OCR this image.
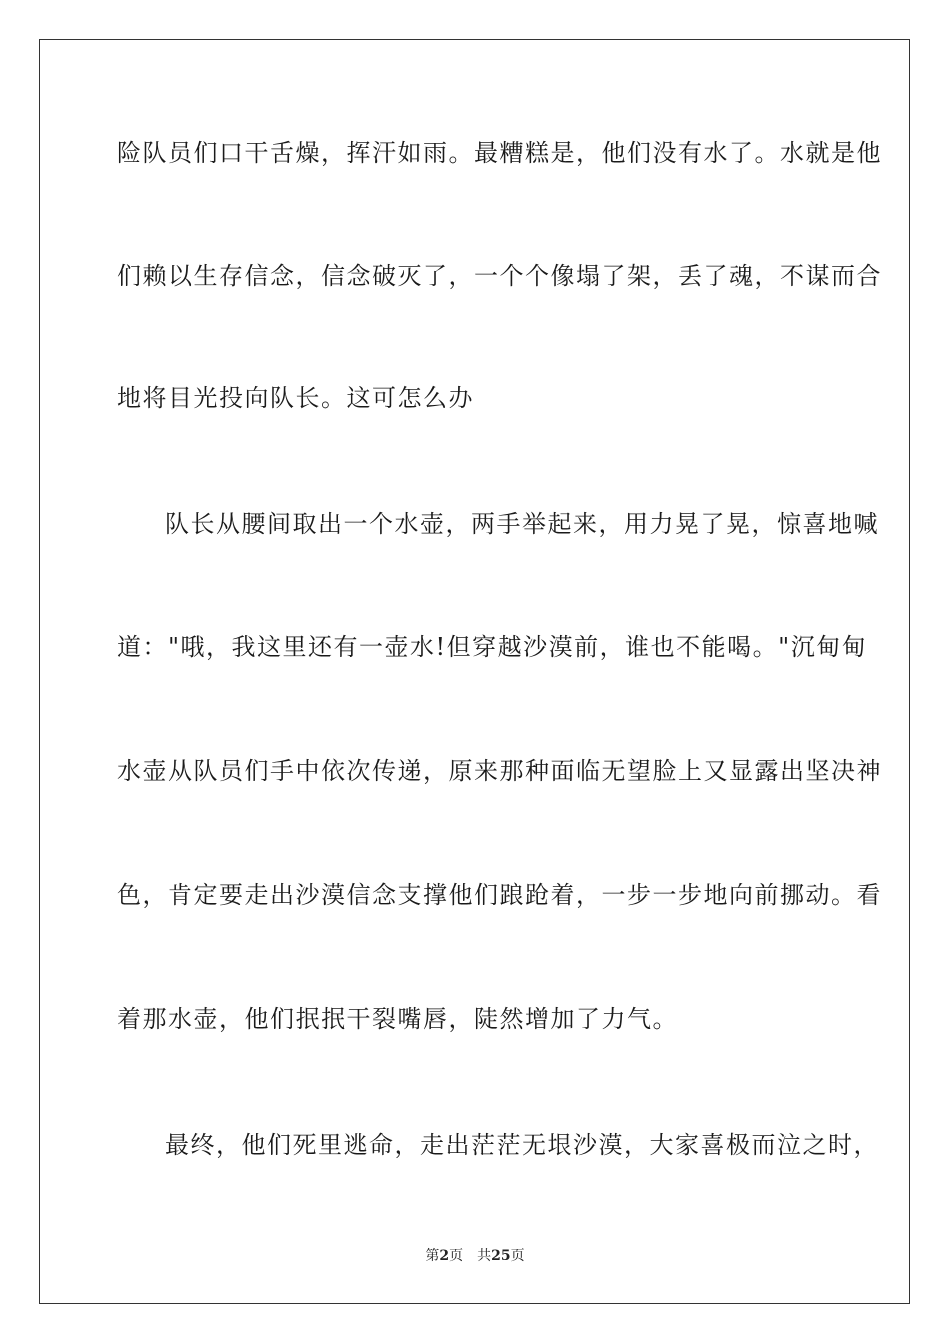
险队员们口干舌燥，挥汗如雨。最糟糕是，他们没有水了。水就是他
们赖以生存信念，信念破灭了，一个个像塌了架，丢了魂，不谋而合
地将目光投向队长。这可怎么办
队长从腰间取出一个水壶，两手举起来，用力晃了晃，惊喜地喊
道："哦，我这里还有一壶水!但穿越沙漠前，谁也不能喝。"沉甸甸
水壶从队员们手中依次传递，原来那种面临无望脸上又显露出坚决神
色，肯定要走出沙漠信念支撑他们踉跄着，一步一步地向前挪动。看
着那水壶，他们抿抿干裂嘴唇，陡然增加了力气。
最终，他们死里逃命，走出茫茫无垠沙漠，大家喜极而泣之时，
第2页 共25页
